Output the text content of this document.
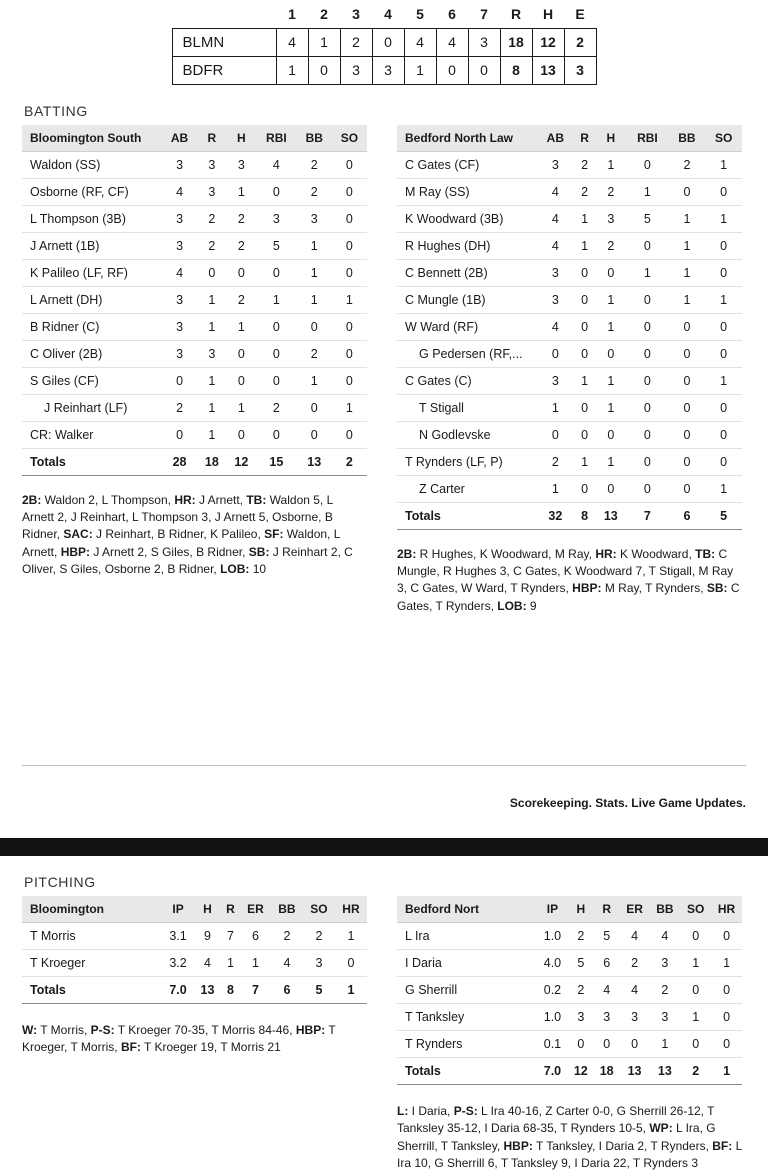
	1	2	3	4	5	6	7	R	H	E
BLMN	4	1	2	0	4	4	3	18	12	2
BDFR	1	0	3	3	1	0	0	8	13	3
BATTING
Bloomington South	AB	R	H	RBI	BB	SO
Waldon (SS)	3	3	3	4	2	0
Osborne (RF, CF)	4	3	1	0	2	0
L Thompson (3B)	3	2	2	3	3	0
J Arnett (1B)	3	2	2	5	1	0
K Palileo (LF, RF)	4	0	0	0	1	0
L Arnett (DH)	3	1	2	1	1	1
B Ridner (C)	3	1	1	0	0	0
C Oliver (2B)	3	3	0	0	2	0
S Giles (CF)	0	1	0	0	1	0
J Reinhart (LF)	2	1	1	2	0	1
CR: Walker	0	1	0	0	0	0
Totals	28	18	12	15	13	2
2B: Waldon 2, L Thompson, HR: J Arnett, TB: Waldon 5, L Arnett 2, J Reinhart, L Thompson 3, J Arnett 5, Osborne, B Ridner, SAC: J Reinhart, B Ridner, K Palileo, SF: Waldon, L Arnett, HBP: J Arnett 2, S Giles, B Ridner, SB: J Reinhart 2, C Oliver, S Giles, Osborne 2, B Ridner, LOB: 10
Bedford North Law	AB	R	H	RBI	BB	SO
C Gates (CF)	3	2	1	0	2	1
M Ray (SS)	4	2	2	1	0	0
K Woodward (3B)	4	1	3	5	1	1
R Hughes (DH)	4	1	2	0	1	0
C Bennett (2B)	3	0	0	1	1	0
C Mungle (1B)	3	0	1	0	1	1
W Ward (RF)	4	0	1	0	0	0
G Pedersen (RF,...	0	0	0	0	0	0
C Gates (C)	3	1	1	0	0	1
T Stigall	1	0	1	0	0	0
N Godlevske	0	0	0	0	0	0
T Rynders (LF, P)	2	1	1	0	0	0
Z Carter	1	0	0	0	0	1
Totals	32	8	13	7	6	5
2B: R Hughes, K Woodward, M Ray, HR: K Woodward, TB: C Mungle, R Hughes 3, C Gates, K Woodward 7, T Stigall, M Ray 3, C Gates, W Ward, T Rynders, HBP: M Ray, T Rynders, SB: C Gates, T Rynders, LOB: 9
Scorekeeping. Stats. Live Game Updates.
PITCHING
Bloomington	IP	H	R	ER	BB	SO	HR
T Morris	3.1	9	7	6	2	2	1
T Kroeger	3.2	4	1	1	4	3	0
Totals	7.0	13	8	7	6	5	1
W: T Morris, P-S: T Kroeger 70-35, T Morris 84-46, HBP: T Kroeger, T Morris, BF: T Kroeger 19, T Morris 21
Bedford Nort	IP	H	R	ER	BB	SO	HR
L Ira	1.0	2	5	4	4	0	0
I Daria	4.0	5	6	2	3	1	1
G Sherrill	0.2	2	4	4	2	0	0
T Tanksley	1.0	3	3	3	3	1	0
T Rynders	0.1	0	0	0	1	0	0
Totals	7.0	12	18	13	13	2	1
L: I Daria, P-S: L Ira 40-16, Z Carter 0-0, G Sherrill 26-12, T Tanksley 35-12, I Daria 68-35, T Rynders 10-5, WP: L Ira, G Sherrill, T Tanksley, HBP: T Tanksley, I Daria 2, T Rynders, BF: L Ira 10, G Sherrill 6, T Tanksley 9, I Daria 22, T Rynders 3
